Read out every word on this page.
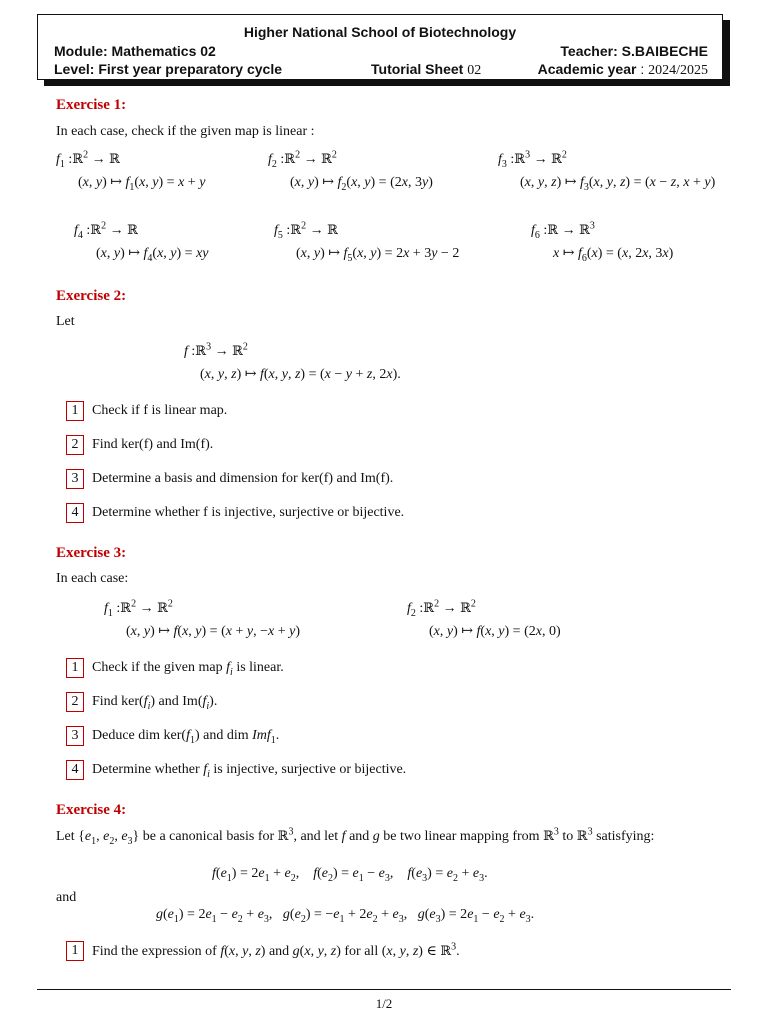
Higher National School of Biotechnology
Module: Mathematics 02	Teacher: S.BAIBECHE
Level: First year preparatory cycle	Tutorial Sheet 02	Academic year : 2024/2025
Exercise 1:
In each case, check if the given map is linear :
$f_1$ :ℝ$^2$ → ℝ
(x, y) ↦ $f_1(x$, y) = x + y
$f_2$ :ℝ$^2$ → ℝ$^2$
(x, y) ↦ $f_2(x$, y) = (2x, 3y)
$f_3$ :ℝ$^3$ → ℝ$^2$
(x, y, z) ↦ $f_3(x$, y, z) = (x − z, x + y)
$f_4$ :ℝ$^2$ → ℝ
(x, y) ↦ $f_4(x$, y) = xy
$f_5$ :ℝ$^2$ → ℝ
(x, y) ↦ $f_5(x$, y) = 2x + 3y − 2
$f_6$ :ℝ → ℝ$^3$
x ↦ $f_6(x) = (x$, 2x, 3x)
Exercise 2:
Let
f :ℝ$^3$ → ℝ$^2$
(x, y, z) ↦ f(x, y, z) = (x − y + z, 2x).
1 Check if f is linear map.
2 Find ker(f) and Im(f).
3 Determine a basis and dimension for ker(f) and Im(f).
4 Determine whether f is injective, surjective or bijective.
Exercise 3:
In each case:
$f_1$ :ℝ$^2$ → ℝ$^2$
(x, y) ↦ f(x, y) = (x + y, −x + y)
$f_2$ :ℝ$^2$ → ℝ$^2$
(x, y) ↦ f(x, y) = (2x, 0)
1 Check if the given map $f_i$ is linear.
2 Find $ker(f_i)$ and $Im(f_i)$.
3 Deduce dim $ker(f_1)$ and dim Imf$_1$.
4 Determine whether $f_i$ is injective, surjective or bijective.
Exercise 4:
Let {$e_1$, $e_2$, $e_3$} be a canonical basis for ℝ$^3$, and let f and g be two linear mapping from ℝ$^3$ to ℝ$^3$ satisfying:
$f(e_1) = 2e_1 + e_2$,    $f(e_2) = e_1 - e_3$,    $f(e_3) = e_2 + e_3$.
and
$g(e_1) = 2e_1 - e_2 + e_3$,   $g(e_2) = -e_1 + 2e_2 + e_3$,   $g(e_3) = 2e_1 - e_2 + e_3$.
1 Find the expression of f(x, y, z) and g(x, y, z) for all (x, y, z) ∈ ℝ$^3$.
1/2
